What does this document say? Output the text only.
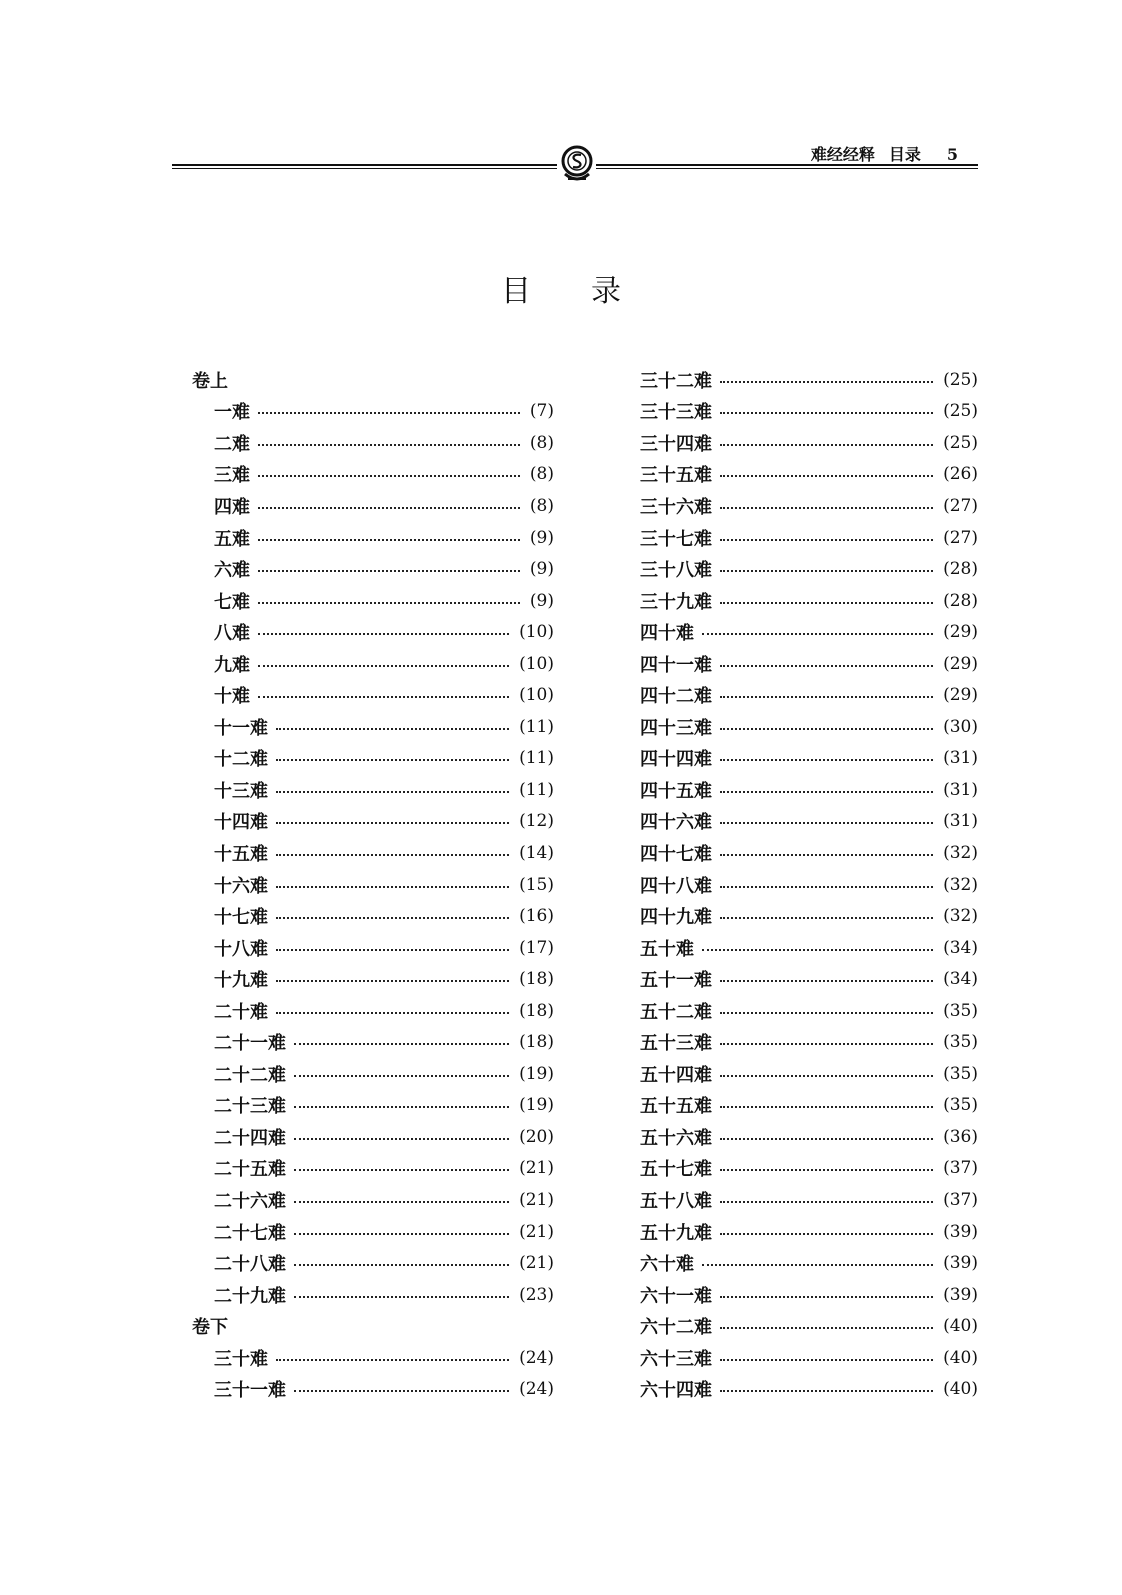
难经经释 目录 5
目录
卷上
一难	(7)
二难	(8)
三难	(8)
四难	(8)
五难	(9)
六难	(9)
七难	(9)
八难	(10)
九难	(10)
十难	(10)
十一难	(11)
十二难	(11)
十三难	(11)
十四难	(12)
十五难	(14)
十六难	(15)
十七难	(16)
十八难	(17)
十九难	(18)
二十难	(18)
二十一难	(18)
二十二难	(19)
二十三难	(19)
二十四难	(20)
二十五难	(21)
二十六难	(21)
二十七难	(21)
二十八难	(21)
二十九难	(23)
卷下
三十难	(24)
三十一难	(24)
三十二难	(25)
三十三难	(25)
三十四难	(25)
三十五难	(26)
三十六难	(27)
三十七难	(27)
三十八难	(28)
三十九难	(28)
四十难	(29)
四十一难	(29)
四十二难	(29)
四十三难	(30)
四十四难	(31)
四十五难	(31)
四十六难	(31)
四十七难	(32)
四十八难	(32)
四十九难	(32)
五十难	(34)
五十一难	(34)
五十二难	(35)
五十三难	(35)
五十四难	(35)
五十五难	(35)
五十六难	(36)
五十七难	(37)
五十八难	(37)
五十九难	(39)
六十难	(39)
六十一难	(39)
六十二难	(40)
六十三难	(40)
六十四难	(40)
